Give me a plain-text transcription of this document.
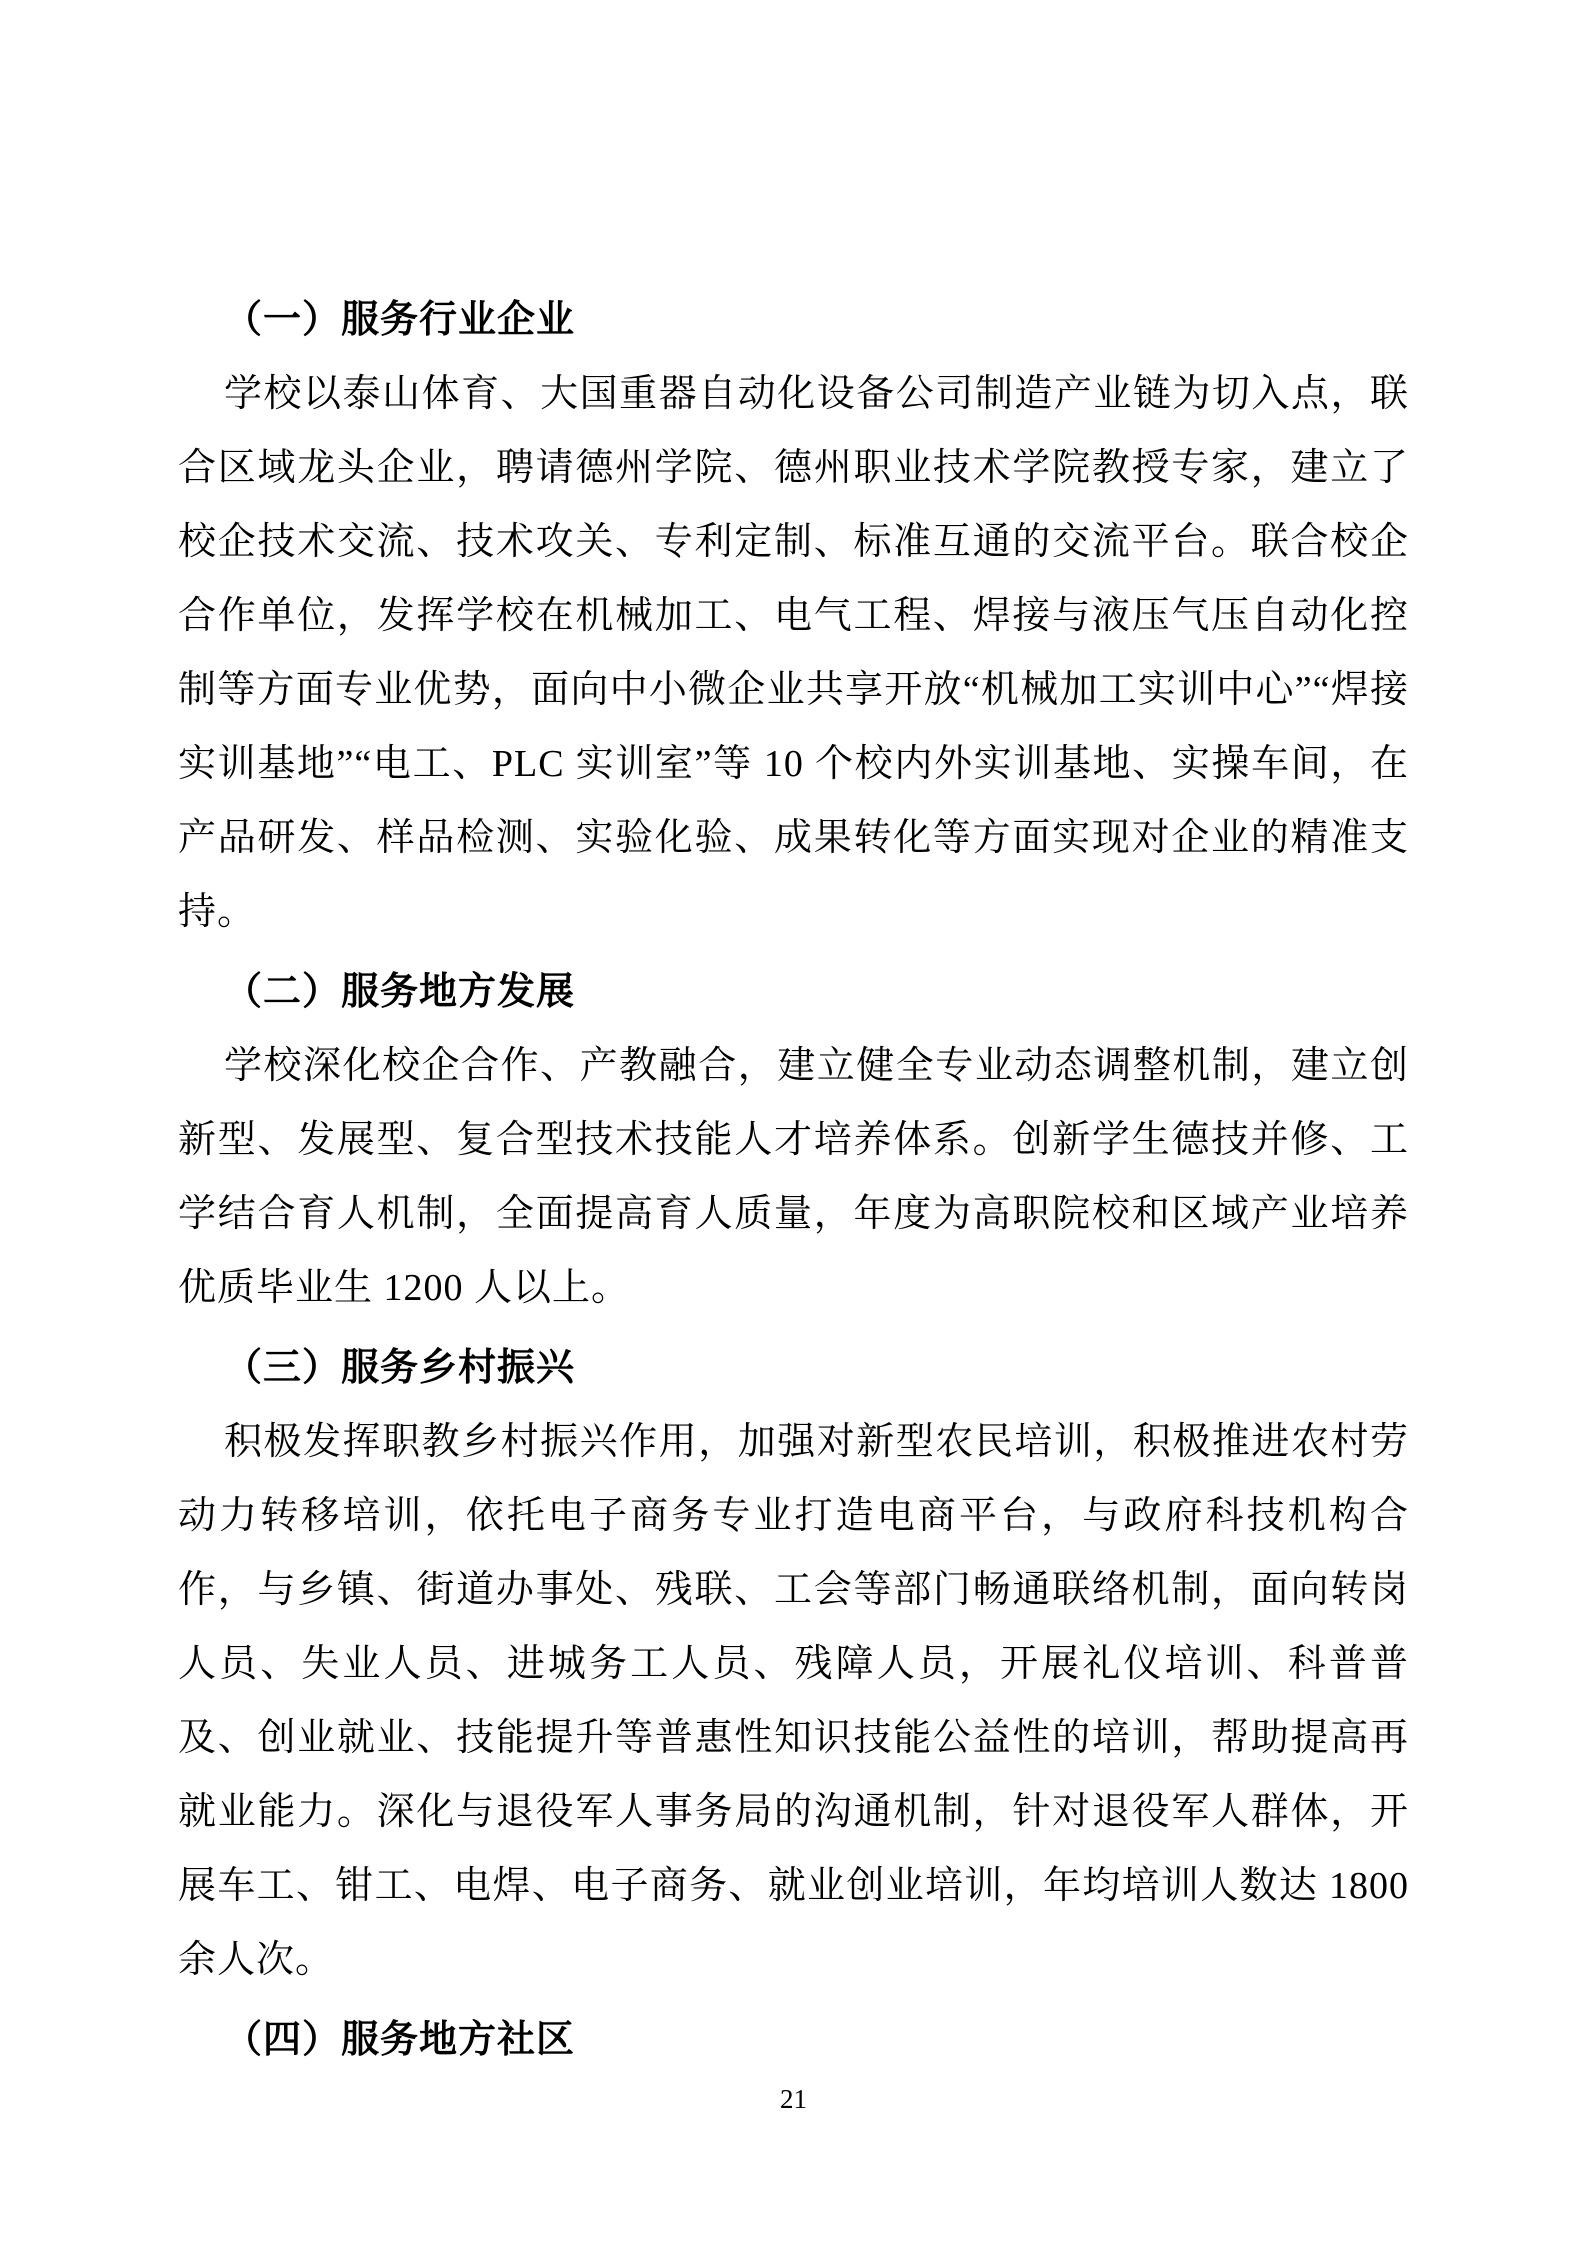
（一）服务行业企业

学校以泰山体育、大国重器自动化设备公司制造产业链为切入点，联合区域龙头企业，聘请德州学院、德州职业技术学院教授专家，建立了校企技术交流、技术攻关、专利定制、标准互通的交流平台。联合校企合作单位，发挥学校在机械加工、电气工程、焊接与液压气压自动化控制等方面专业优势，面向中小微企业共享开放“机械加工实训中心”“焊接实训基地”“电工、PLC 实训室”等 10 个校内外实训基地、实操车间，在产品研发、样品检测、实验化验、成果转化等方面实现对企业的精准支持。

（二）服务地方发展

学校深化校企合作、产教融合，建立健全专业动态调整机制，建立创新型、发展型、复合型技术技能人才培养体系。创新学生德技并修、工学结合育人机制，全面提高育人质量，年度为高职院校和区域产业培养优质毕业生 1200 人以上。

（三）服务乡村振兴

积极发挥职教乡村振兴作用，加强对新型农民培训，积极推进农村劳动力转移培训，依托电子商务专业打造电商平台，与政府科技机构合作，与乡镇、街道办事处、残联、工会等部门畅通联络机制，面向转岗人员、失业人员、进城务工人员、残障人员，开展礼仪培训、科普普及、创业就业、技能提升等普惠性知识技能公益性的培训，帮助提高再就业能力。深化与退役军人事务局的沟通机制，针对退役军人群体，开展车工、钳工、电焊、电子商务、就业创业培训，年均培训人数达 1800 余人次。

（四）服务地方社区
21
